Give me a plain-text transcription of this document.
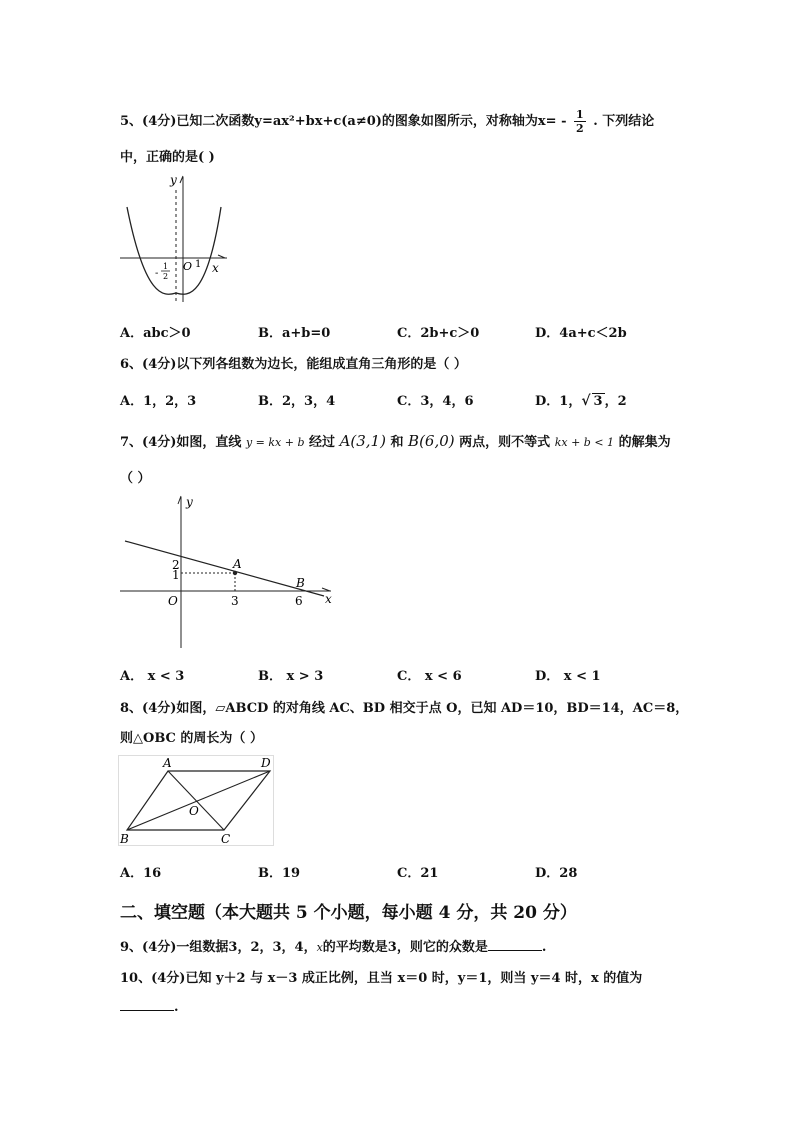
5、(4分)已知二次函数y=ax²+bx+c(a≠0)的图象如图所示，对称轴为$x= - \frac{1}{2}$ . 下列结论
中，正确的是( )
y
x
O 1
-
1
2
A．abc＞0	B．a+b=0	C．2b+c＞0	D．4a+c＜2b
6、(4分)以下列各组数为边长，能组成直角三角形的是（ ）
A．1，2，3	B．2，3，4	C．3，4，6	D．1，√ 3 ，2
7、(4分)如图，直线 y = kx + b 经过 A(3,1) 和 B(6,0) 两点，则不等式 kx + b < 1 的解集为
（ ）
y
x
O
2
1
3	6
A
B
A． x < 3	B． x > 3	C． x < 6	D． x < 1
8、(4分)如图，▱ABCD 的对角线 AC、BD 相交于点 O，已知 AD＝10，BD＝14，AC＝8，
则△OBC 的周长为（ ）
A	D
B	C
O
A．16	B．19	C．21	D．28
二、填空题（本大题共 5 个小题，每小题 4 分，共 20 分）
9、(4分)一组数据3，2，3，4，x的平均数是3，则它的众数是	.
10、(4分)已知 y＋2 与 x－3 成正比例，且当 x＝0 时，y＝1，则当 y＝4 时，x 的值为
.
